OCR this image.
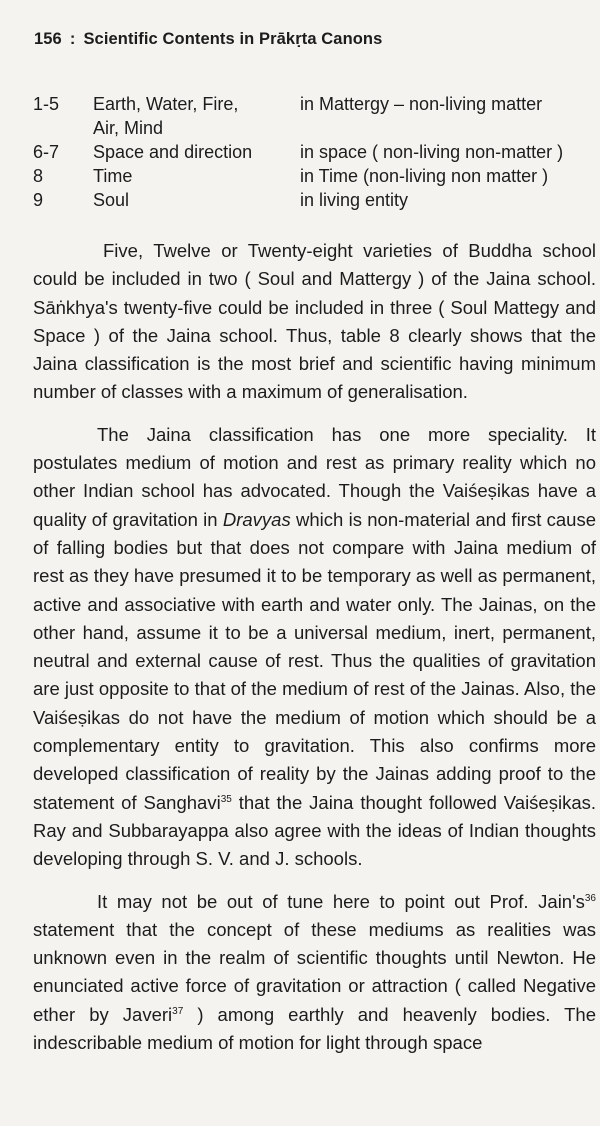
156 : Scientific Contents in Prākṛta Canons
1-5	Earth, Water, Fire,	in Mattergy – non-living matter
	Air, Mind	
6-7	Space and direction	in space ( non-living non-matter )
8	Time	in Time (non-living non matter )
9	Soul	in living entity

Five, Twelve or Twenty-eight varieties of Buddha school could be included in two ( Soul and Mattergy ) of the Jaina school. Sāṅkhya's twenty-five could be included in three ( Soul Mattegy and Space ) of the Jaina school. Thus, table 8 clearly shows that the Jaina classification is the most brief and scientific having minimum number of classes with a maximum of generalisation.

The Jaina classification has one more speciality. It postulates medium of motion and rest as primary reality which no other Indian school has advocated. Though the Vaiśeṣikas have a quality of gravitation in Dravyas which is non-material and first cause of falling bodies but that does not compare with Jaina medium of rest as they have presumed it to be temporary as well as permanent, active and associative with earth and water only. The Jainas, on the other hand, assume it to be a universal medium, inert, permanent, neutral and external cause of rest. Thus the qualities of gravitation are just opposite to that of the medium of rest of the Jainas. Also, the Vaiśeṣikas do not have the medium of motion which should be a complementary entity to gravitation. This also confirms more developed classification of reality by the Jainas adding proof to the statement of Sanghavi$^{35}$ that the Jaina thought followed Vaiśeṣikas. Ray and Subbarayappa also agree with the ideas of Indian thoughts developing through S. V. and J. schools.

It may not be out of tune here to point out Prof. $Jain's^{36}$ statement that the concept of these mediums as realities was unknown even in the realm of scientific thoughts until Newton. He enunciated active force of gravitation or attraction ( called Negative ether by Javeri$^{37}$ ) among earthly and heavenly bodies. The indescribable medium of motion for light through space
